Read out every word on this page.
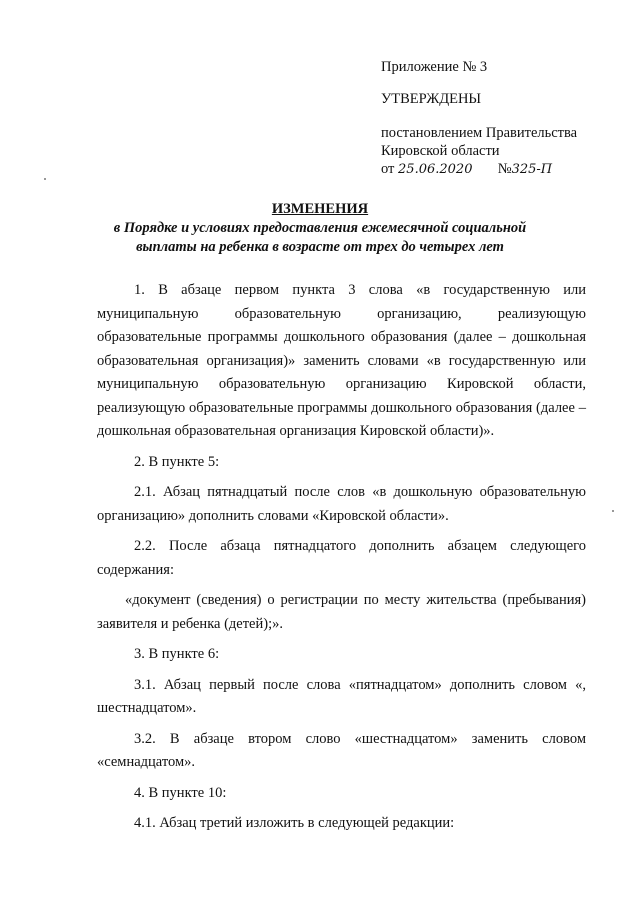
Приложение № 3
УТВЕРЖДЕНЫ
постановлением Правительства
Кировской области
от 25.06.2020 №325-П
ИЗМЕНЕНИЯ
в Порядке и условиях предоставления ежемесячной социальной
выплаты на ребенка в возрасте от трех до четырех лет

1. В абзаце первом пункта 3 слова «в государственную или муниципальную образовательную организацию, реализующую образовательные программы дошкольного образования (далее – дошкольная образовательная организация)» заменить словами «в государственную или муниципальную образовательную организацию Кировской области, реализующую образовательные программы дошкольного образования (далее – дошкольная образовательная организация Кировской области)».

2. В пункте 5:

2.1. Абзац пятнадцатый после слов «в дошкольную образовательную организацию» дополнить словами «Кировской области».

2.2. После абзаца пятнадцатого дополнить абзацем следующего содержания:

«документ (сведения) о регистрации по месту жительства (пребывания) заявителя и ребенка (детей);».

3. В пункте 6:

3.1. Абзац первый после слова «пятнадцатом» дополнить словом «, шестнадцатом».

3.2. В абзаце втором слово «шестнадцатом» заменить словом «семнадцатом».

4. В пункте 10:

4.1. Абзац третий изложить в следующей редакции:
